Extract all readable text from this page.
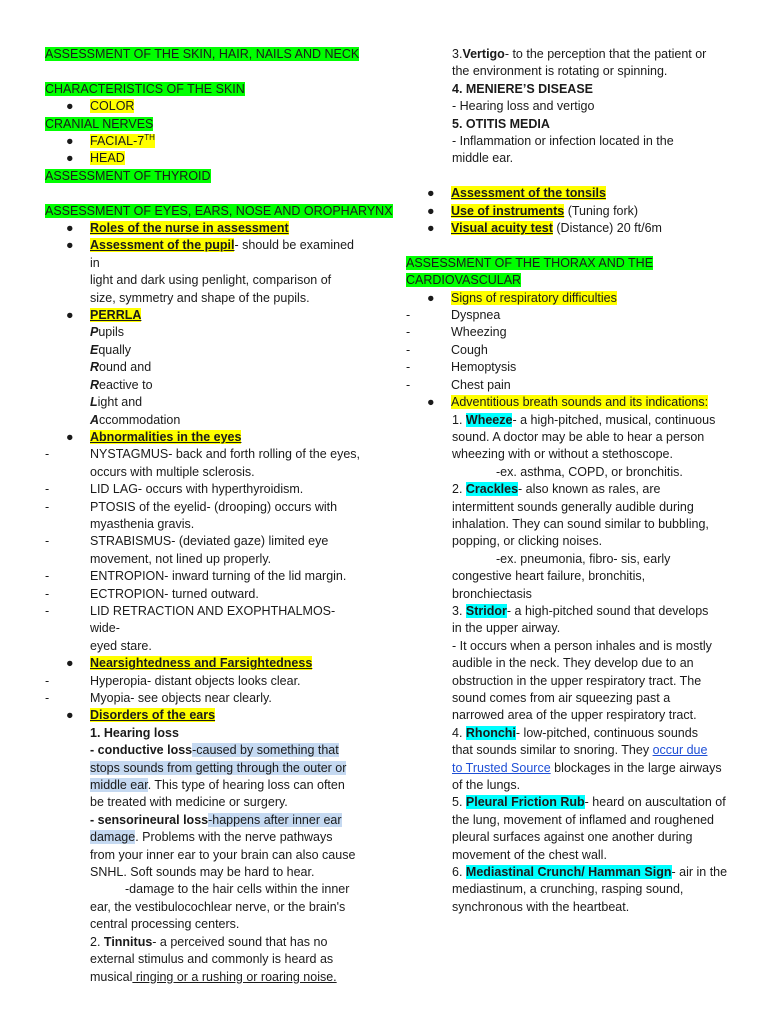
ASSESSMENT OF THE SKIN, HAIR, NAILS AND NECK
CHARACTERISTICS OF THE SKIN
●	COLOR
CRANIAL NERVES
●	FACIAL-7TH
●	HEAD
ASSESSMENT OF THYROID
ASSESSMENT OF EYES, EARS, NOSE AND OROPHARYNX
●	Roles of the nurse in assessment
●	Assessment of the pupil- should be examined in
light and dark using penlight, comparison of
size, symmetry and shape of the pupils.
●	PERRLA
Pupils
Equally
Round and
Reactive to
Light and
Accommodation
●	Abnormalities in the eyes
-	NYSTAGMUS- back and forth rolling of the eyes,
occurs with multiple sclerosis.
-	LID LAG- occurs with hyperthyroidism.
-	PTOSIS of the eyelid- (drooping) occurs with
myasthenia gravis.
-	STRABISMUS- (deviated gaze) limited eye
movement, not lined up properly.
-	ENTROPION- inward turning of the lid margin.
-	ECTROPION- turned outward.
-	LID RETRACTION AND EXOPHTHALMOS- wide-
eyed stare.
●	Nearsightedness and Farsightedness
-	Hyperopia- distant objects looks clear.
-	Myopia- see objects near clearly.
●	Disorders of the ears
1. Hearing loss
- conductive loss-caused by something that
stops sounds from getting through the outer or
middle ear. This type of hearing loss can often
be treated with medicine or surgery.
- sensorineural loss-happens after inner ear
damage. Problems with the nerve pathways
from your inner ear to your brain can also cause
SNHL. Soft sounds may be hard to hear.
-damage to the hair cells within the inner
ear, the vestibulocochlear nerve, or the brain's
central processing centers.
2. Tinnitus- a perceived sound that has no
external stimulus and commonly is heard as
musical ringing or a rushing or roaring noise.
3.Vertigo- to the perception that the patient or
the environment is rotating or spinning.
4. MENIERE’S DISEASE
- Hearing loss and vertigo
5. OTITIS MEDIA
- Inflammation or infection located in the
middle ear.
●	Assessment of the tonsils
●	Use of instruments (Tuning fork)
●	Visual acuity test (Distance) 20 ft/6m
ASSESSMENT OF THE THORAX AND THE
CARDIOVASCULAR
●	Signs of respiratory difficulties
-	Dyspnea
-	Wheezing
-	Cough
-	Hemoptysis
-	Chest pain
●	Adventitious breath sounds and its indications:
1. Wheeze- a high-pitched, musical, continuous
sound. A doctor may be able to hear a person
wheezing with or without a stethoscope.
-ex. asthma, COPD, or bronchitis.
2. Crackles- also known as rales, are
intermittent sounds generally audible during
inhalation. They can sound similar to bubbling,
popping, or clicking noises.
-ex. pneumonia, fibro- sis, early
congestive heart failure, bronchitis,
bronchiectasis
3. Stridor- a high-pitched sound that develops
in the upper airway.
- It occurs when a person inhales and is mostly
audible in the neck. They develop due to an
obstruction in the upper respiratory tract. The
sound comes from air squeezing past a
narrowed area of the upper respiratory tract.
4. Rhonchi- low-pitched, continuous sounds
that sounds similar to snoring. They occur due
to Trusted Source blockages in the large airways
of the lungs.
5. Pleural Friction Rub- heard on auscultation of
the lung, movement of inflamed and roughened
pleural surfaces against one another during
movement of the chest wall.
6. Mediastinal Crunch/ Hamman Sign- air in the
mediastinum, a crunching, rasping sound,
synchronous with the heartbeat.
